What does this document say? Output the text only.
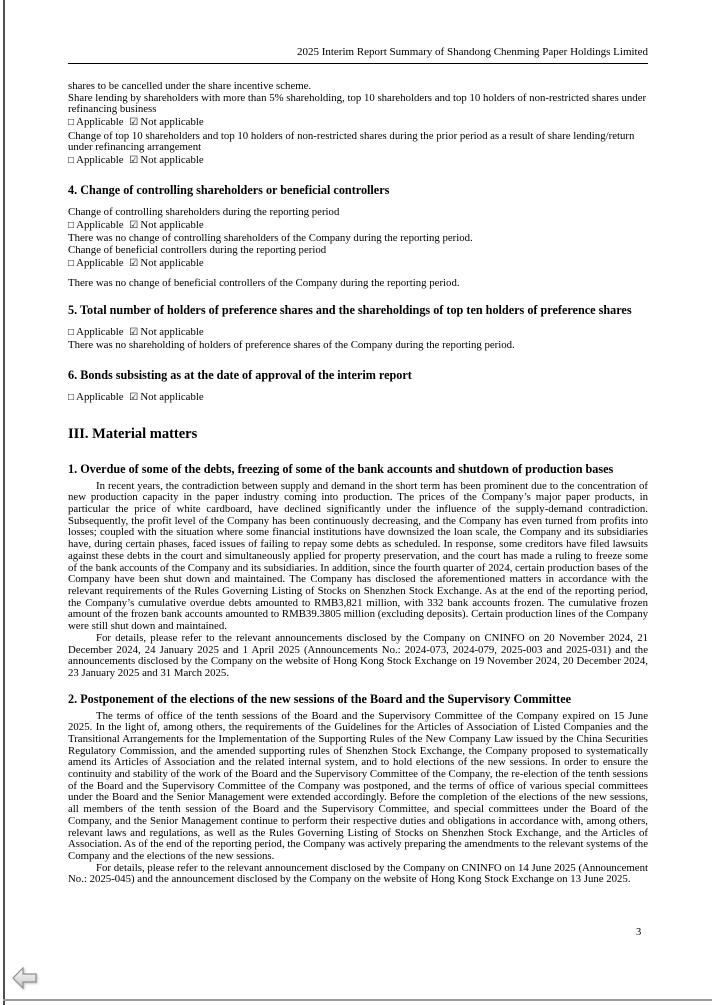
2025 Interim Report Summary of Shandong Chenming Paper Holdings Limited
shares to be cancelled under the share incentive scheme.
Share lending by shareholders with more than 5% shareholding, top 10 shareholders and top 10 holders of non-restricted shares under refinancing business
□ Applicable ☑ Not applicable
Change of top 10 shareholders and top 10 holders of non-restricted shares during the prior period as a result of share lending/return under refinancing arrangement
□ Applicable ☑ Not applicable
4. Change of controlling shareholders or beneficial controllers
Change of controlling shareholders during the reporting period
□ Applicable ☑ Not applicable
There was no change of controlling shareholders of the Company during the reporting period.
Change of beneficial controllers during the reporting period
□ Applicable ☑ Not applicable
There was no change of beneficial controllers of the Company during the reporting period.
5. Total number of holders of preference shares and the shareholdings of top ten holders of preference shares
□ Applicable ☑ Not applicable
There was no shareholding of holders of preference shares of the Company during the reporting period.
6. Bonds subsisting as at the date of approval of the interim report
□ Applicable ☑ Not applicable
III. Material matters
1. Overdue of some of the debts, freezing of some of the bank accounts and shutdown of production bases

In recent years, the contradiction between supply and demand in the short term has been prominent due to the concentration of new production capacity in the paper industry coming into production. The prices of the Company’s major paper products, in particular the price of white cardboard, have declined significantly under the influence of the supply-demand contradiction. Subsequently, the profit level of the Company has been continuously decreasing, and the Company has even turned from profits into losses; coupled with the situation where some financial institutions have downsized the loan scale, the Company and its subsidiaries have, during certain phases, faced issues of failing to repay some debts as scheduled. In response, some creditors have filed lawsuits against these debts in the court and simultaneously applied for property preservation, and the court has made a ruling to freeze some of the bank accounts of the Company and its subsidiaries. In addition, since the fourth quarter of 2024, certain production bases of the Company have been shut down and maintained. The Company has disclosed the aforementioned matters in accordance with the relevant requirements of the Rules Governing Listing of Stocks on Shenzhen Stock Exchange. As at the end of the reporting period, the Company’s cumulative overdue debts amounted to RMB3,821 million, with 332 bank accounts frozen. The cumulative frozen amount of the frozen bank accounts amounted to RMB39.3805 million (excluding deposits). Certain production lines of the Company were still shut down and maintained.

For details, please refer to the relevant announcements disclosed by the Company on CNINFO on 20 November 2024, 21 December 2024, 24 January 2025 and 1 April 2025 (Announcements No.: 2024-073, 2024-079, 2025-003 and 2025-031) and the announcements disclosed by the Company on the website of Hong Kong Stock Exchange on 19 November 2024, 20 December 2024, 23 January 2025 and 31 March 2025.

2. Postponement of the elections of the new sessions of the Board and the Supervisory Committee

The terms of office of the tenth sessions of the Board and the Supervisory Committee of the Company expired on 15 June 2025. In the light of, among others, the requirements of the Guidelines for the Articles of Association of Listed Companies and the Transitional Arrangements for the Implementation of the Supporting Rules of the New Company Law issued by the China Securities Regulatory Commission, and the amended supporting rules of Shenzhen Stock Exchange, the Company proposed to systematically amend its Articles of Association and the related internal system, and to hold elections of the new sessions. In order to ensure the continuity and stability of the work of the Board and the Supervisory Committee of the Company, the re-election of the tenth sessions of the Board and the Supervisory Committee of the Company was postponed, and the terms of office of various special committees under the Board and the Senior Management were extended accordingly. Before the completion of the elections of the new sessions, all members of the tenth session of the Board and the Supervisory Committee, and special committees under the Board of the Company, and the Senior Management continue to perform their respective duties and obligations in accordance with, among others, relevant laws and regulations, as well as the Rules Governing Listing of Stocks on Shenzhen Stock Exchange, and the Articles of Association. As of the end of the reporting period, the Company was actively preparing the amendments to the relevant systems of the Company and the elections of the new sessions.

For details, please refer to the relevant announcement disclosed by the Company on CNINFO on 14 June 2025 (Announcement No.: 2025-045) and the announcement disclosed by the Company on the website of Hong Kong Stock Exchange on 13 June 2025.

3
